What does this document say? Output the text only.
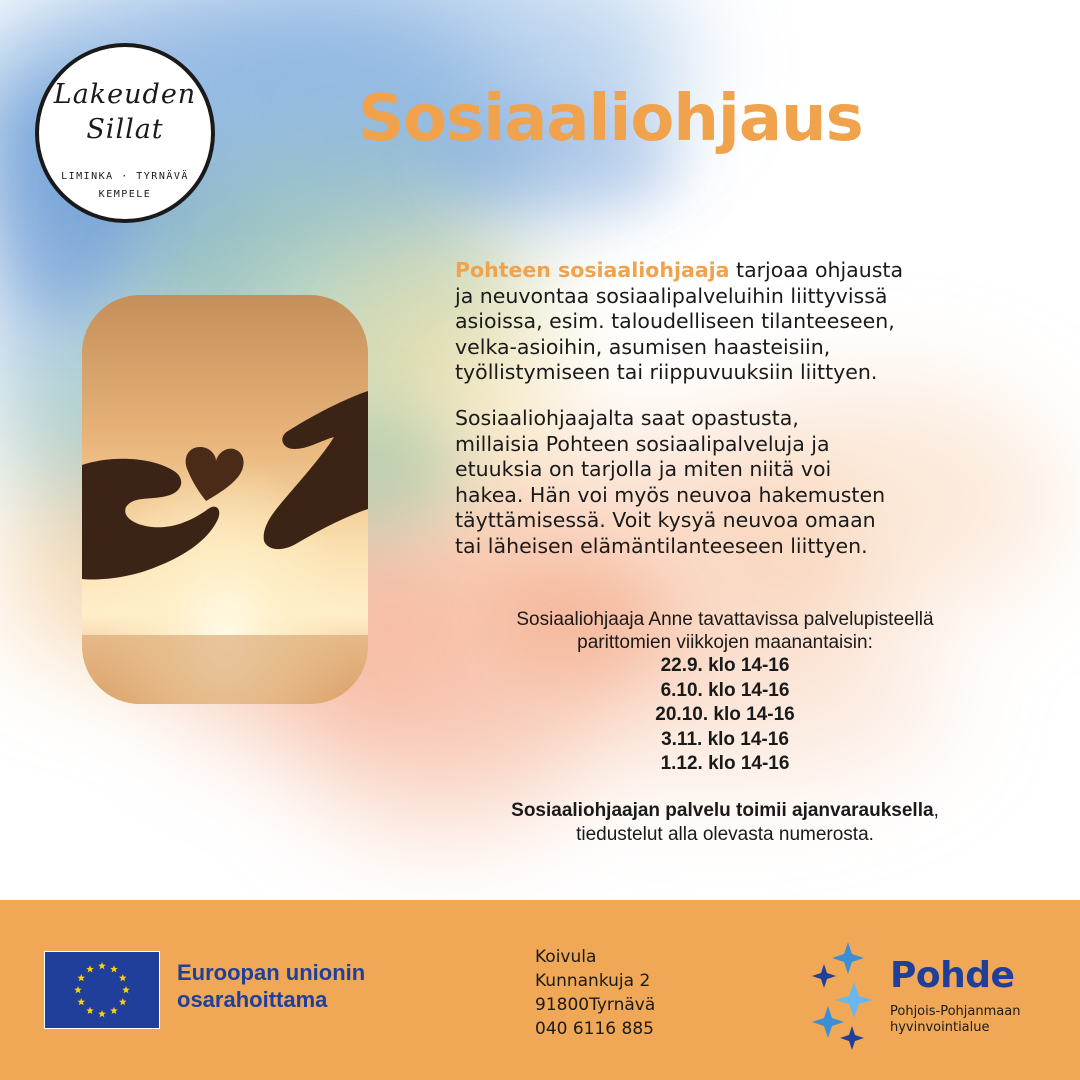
Lakeuden
Sillat
LIMINKA · TYRNÄVÄ
KEMPELE
Sosiaaliohjaus

Pohteen sosiaaliohjaaja tarjoaa ohjausta
ja neuvontaa sosiaalipalveluihin liittyvissä
asioissa, esim. taloudelliseen tilanteeseen,
velka-asioihin, asumisen haasteisiin,
työllistymiseen tai riippuvuuksiin liittyen.

Sosiaaliohjaajalta saat opastusta,
millaisia Pohteen sosiaalipalveluja ja
etuuksia on tarjolla ja miten niitä voi
hakea. Hän voi myös neuvoa hakemusten
täyttämisessä. Voit kysyä neuvoa omaan
tai läheisen elämäntilanteeseen liittyen.

Sosiaaliohjaaja Anne tavattavissa palvelupisteellä
parittomien viikkojen maanantaisin:
22.9. klo 14-16
6.10. klo 14-16
20.10. klo 14-16
3.11. klo 14-16
1.12. klo 14-16
Sosiaaliohjaajan palvelu toimii ajanvarauksella,
tiedustelut alla olevasta numerosta.
Euroopan unionin
osarahoittama
Koivula
Kunnankuja 2
91800Tyrnävä
040 6116 885
Pohde
Pohjois-Pohjanmaan
hyvinvointialue
